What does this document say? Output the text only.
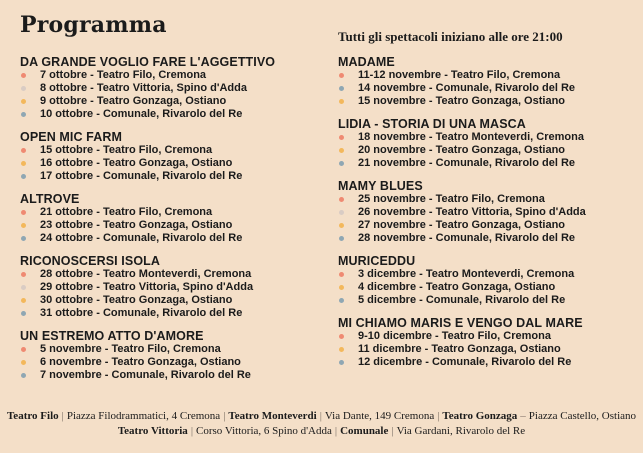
Programma	Tutti gli spettacoli iniziano alle ore 21:00
DA GRANDE VOGLIO FARE L'AGGETTIVO
7 ottobre - Teatro Filo, Cremona
8 ottobre - Teatro Vittoria, Spino d'Adda
9 ottobre - Teatro Gonzaga, Ostiano
10 ottobre - Comunale, Rivarolo del Re
OPEN MIC FARM
15 ottobre - Teatro Filo, Cremona
16 ottobre - Teatro Gonzaga, Ostiano
17 ottobre - Comunale, Rivarolo del Re
ALTROVE
21 ottobre - Teatro Filo, Cremona
23 ottobre - Teatro Gonzaga, Ostiano
24 ottobre - Comunale, Rivarolo del Re
RICONOSCERSI ISOLA
28 ottobre - Teatro Monteverdi, Cremona
29 ottobre - Teatro Vittoria, Spino d'Adda
30 ottobre - Teatro Gonzaga, Ostiano
31 ottobre - Comunale, Rivarolo del Re
UN ESTREMO ATTO D'AMORE
5 novembre - Teatro Filo, Cremona
6 novembre - Teatro Gonzaga, Ostiano
7 novembre - Comunale, Rivarolo del Re
MADAME
11-12 novembre - Teatro Filo, Cremona
14 novembre - Comunale, Rivarolo del Re
15 novembre - Teatro Gonzaga, Ostiano
LIDIA - STORIA DI UNA MASCA
18 novembre - Teatro Monteverdi, Cremona
20 novembre - Teatro Gonzaga, Ostiano
21 novembre - Comunale, Rivarolo del Re
MAMY BLUES
25 novembre - Teatro Filo, Cremona
26 novembre - Teatro Vittoria, Spino d'Adda
27 novembre - Teatro Gonzaga, Ostiano
28 novembre - Comunale, Rivarolo del Re
MURICEDDU
3 dicembre - Teatro Monteverdi, Cremona
4 dicembre - Teatro Gonzaga, Ostiano
5 dicembre - Comunale, Rivarolo del Re
MI CHIAMO MARIS E VENGO DAL MARE
9-10 dicembre - Teatro Filo, Cremona
11 dicembre - Teatro Gonzaga, Ostiano
12 dicembre - Comunale, Rivarolo del Re
Teatro Filo | Piazza Filodrammatici, 4 Cremona | Teatro Monteverdi | Via Dante, 149 Cremona | Teatro Gonzaga – Piazza Castello, Ostiano
Teatro Vittoria | Corso Vittoria, 6 Spino d'Adda | Comunale | Via Gardani, Rivarolo del Re
